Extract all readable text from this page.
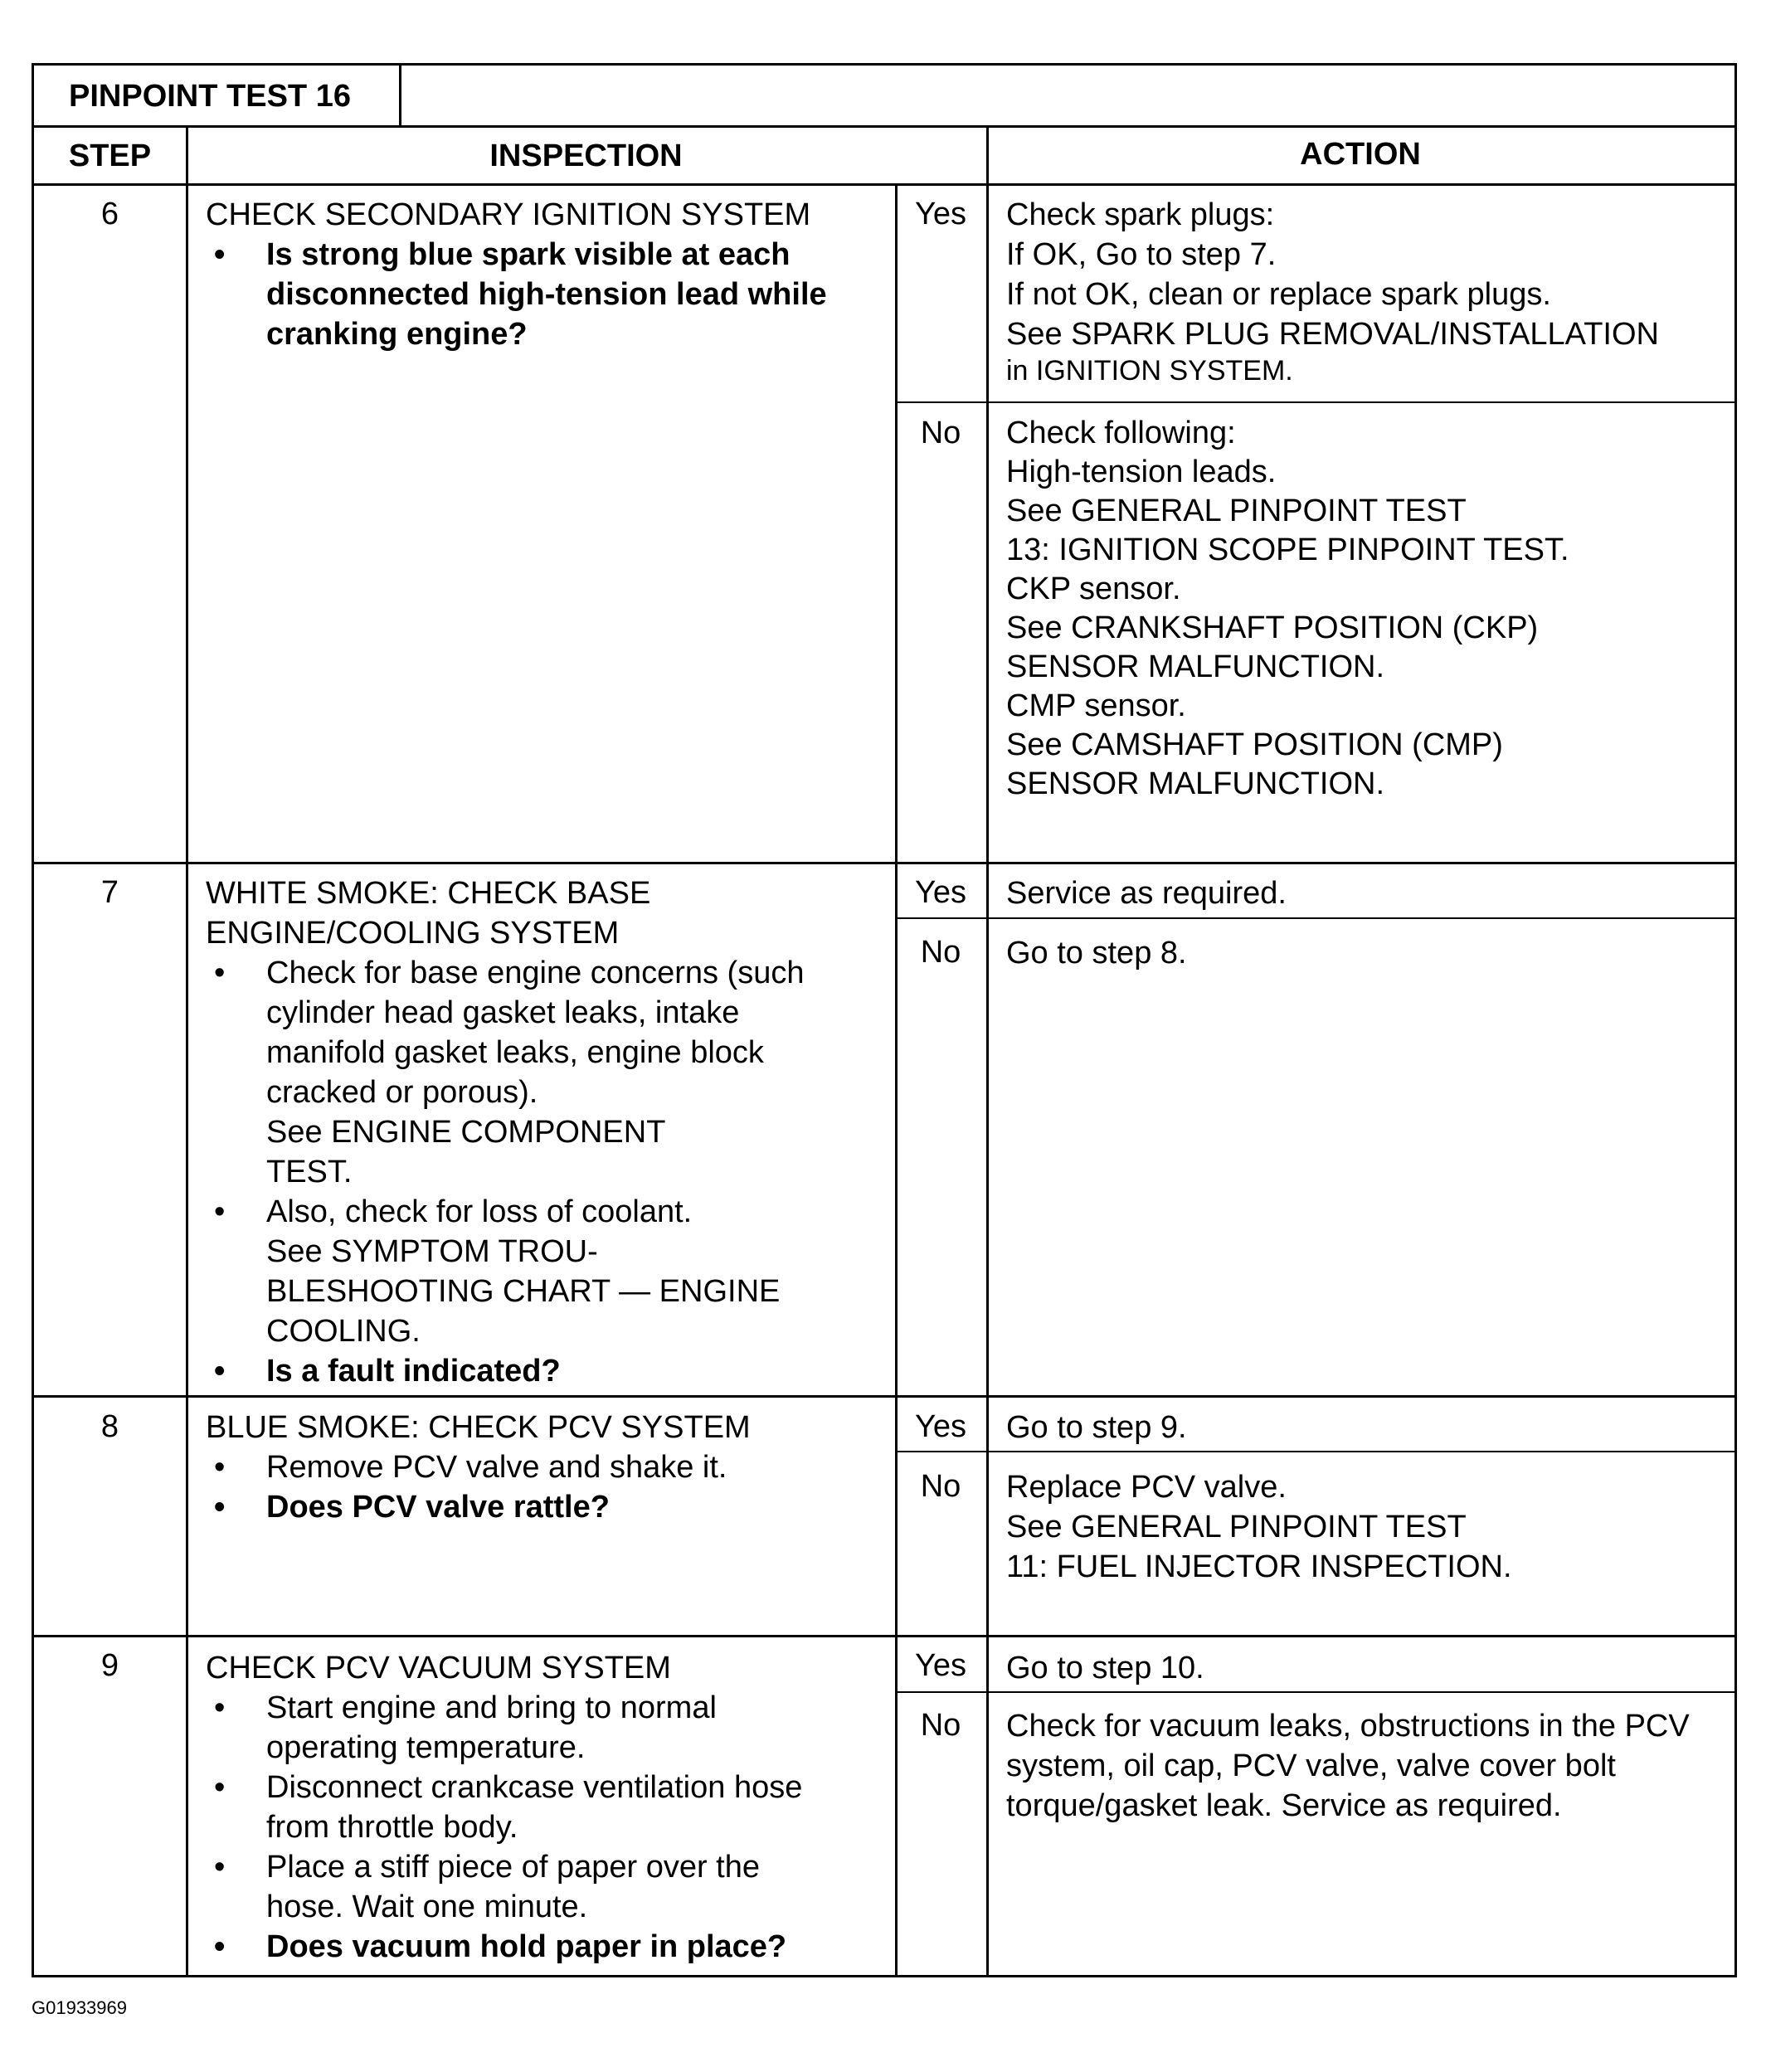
PINPOINT TEST 16
STEP	INSPECTION	ACTION
6	CHECK SECONDARY IGNITION SYSTEM
• Is strong blue spark visible at each
disconnected high-tension lead while
cranking engine?
Yes	Check spark plugs:
If OK, Go to step 7.
If not OK, clean or replace spark plugs.
See SPARK PLUG REMOVAL/INSTALLATION
in IGNITION SYSTEM.
No	Check following:
High-tension leads.
See GENERAL PINPOINT TEST
13: IGNITION SCOPE PINPOINT TEST.
CKP sensor.
See CRANKSHAFT POSITION (CKP)
SENSOR MALFUNCTION.
CMP sensor.
See CAMSHAFT POSITION (CMP)
SENSOR MALFUNCTION.
7	WHITE SMOKE: CHECK BASE
ENGINE/COOLING SYSTEM
• Check for base engine concerns (such
cylinder head gasket leaks, intake
manifold gasket leaks, engine block
cracked or porous).
See ENGINE COMPONENT
TEST.
• Also, check for loss of coolant.
See SYMPTOM TROU-
BLESHOOTING CHART — ENGINE
COOLING.
• Is a fault indicated?
Yes	Service as required.
No	Go to step 8.
8	BLUE SMOKE: CHECK PCV SYSTEM
• Remove PCV valve and shake it.
• Does PCV valve rattle?
Yes	Go to step 9.
No	Replace PCV valve.
See GENERAL PINPOINT TEST
11: FUEL INJECTOR INSPECTION.
9	CHECK PCV VACUUM SYSTEM
• Start engine and bring to normal
operating temperature.
• Disconnect crankcase ventilation hose
from throttle body.
• Place a stiff piece of paper over the
hose. Wait one minute.
• Does vacuum hold paper in place?
Yes	Go to step 10.
No	Check for vacuum leaks, obstructions in the PCV
system, oil cap, PCV valve, valve cover bolt
torque/gasket leak. Service as required.
G01933969
